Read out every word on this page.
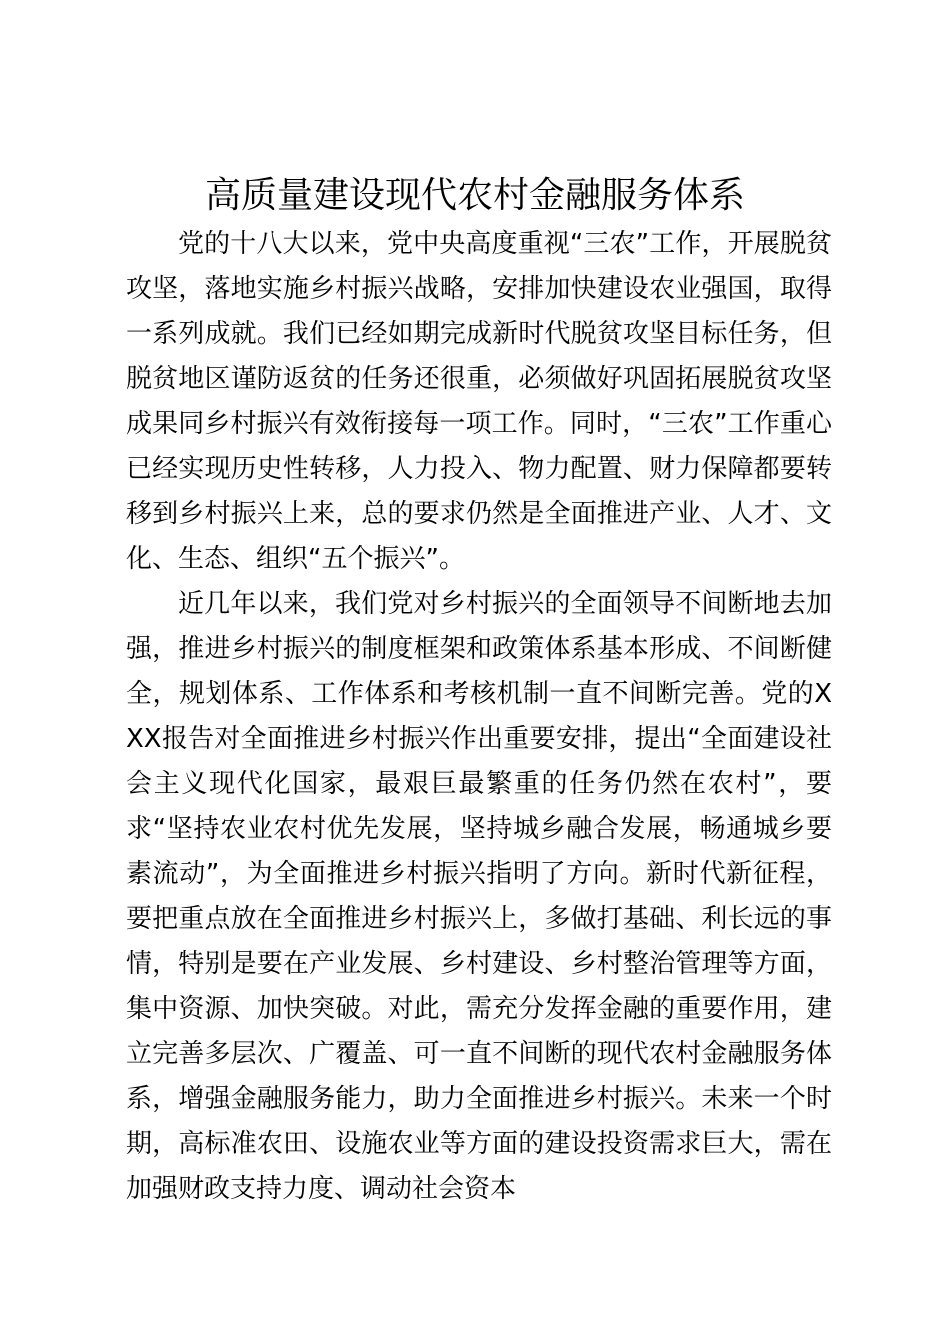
高质量建设现代农村金融服务体系

党的十八大以来，党中央高度重视“三农”工作，开展脱贫攻坚，落地实施乡村振兴战略，安排加快建设农业强国，取得一系列成就。我们已经如期完成新时代脱贫攻坚目标任务，但脱贫地区谨防返贫的任务还很重，必须做好巩固拓展脱贫攻坚成果同乡村振兴有效衔接每一项工作。同时，“三农”工作重心已经实现历史性转移，人力投入、物力配置、财力保障都要转移到乡村振兴上来，总的要求仍然是全面推进产业、人才、文化、生态、组织“五个振兴”。

近几年以来，我们党对乡村振兴的全面领导不间断地去加强，推进乡村振兴的制度框架和政策体系基本形成、不间断健全，规划体系、工作体系和考核机制一直不间断完善。党的XXX报告对全面推进乡村振兴作出重要安排，提出“全面建设社会主义现代化国家，最艰巨最繁重的任务仍然在农村”，要求“坚持农业农村优先发展，坚持城乡融合发展，畅通城乡要素流动”，为全面推进乡村振兴指明了方向。新时代新征程，要把重点放在全面推进乡村振兴上，多做打基础、利长远的事情，特别是要在产业发展、乡村建设、乡村整治管理等方面，集中资源、加快突破。对此，需充分发挥金融的重要作用，建立完善多层次、广覆盖、可一直不间断的现代农村金融服务体系，增强金融服务能力，助力全面推进乡村振兴。未来一个时期，高标准农田、设施农业等方面的建设投资需求巨大，需在加强财政支持力度、调动社会资本
